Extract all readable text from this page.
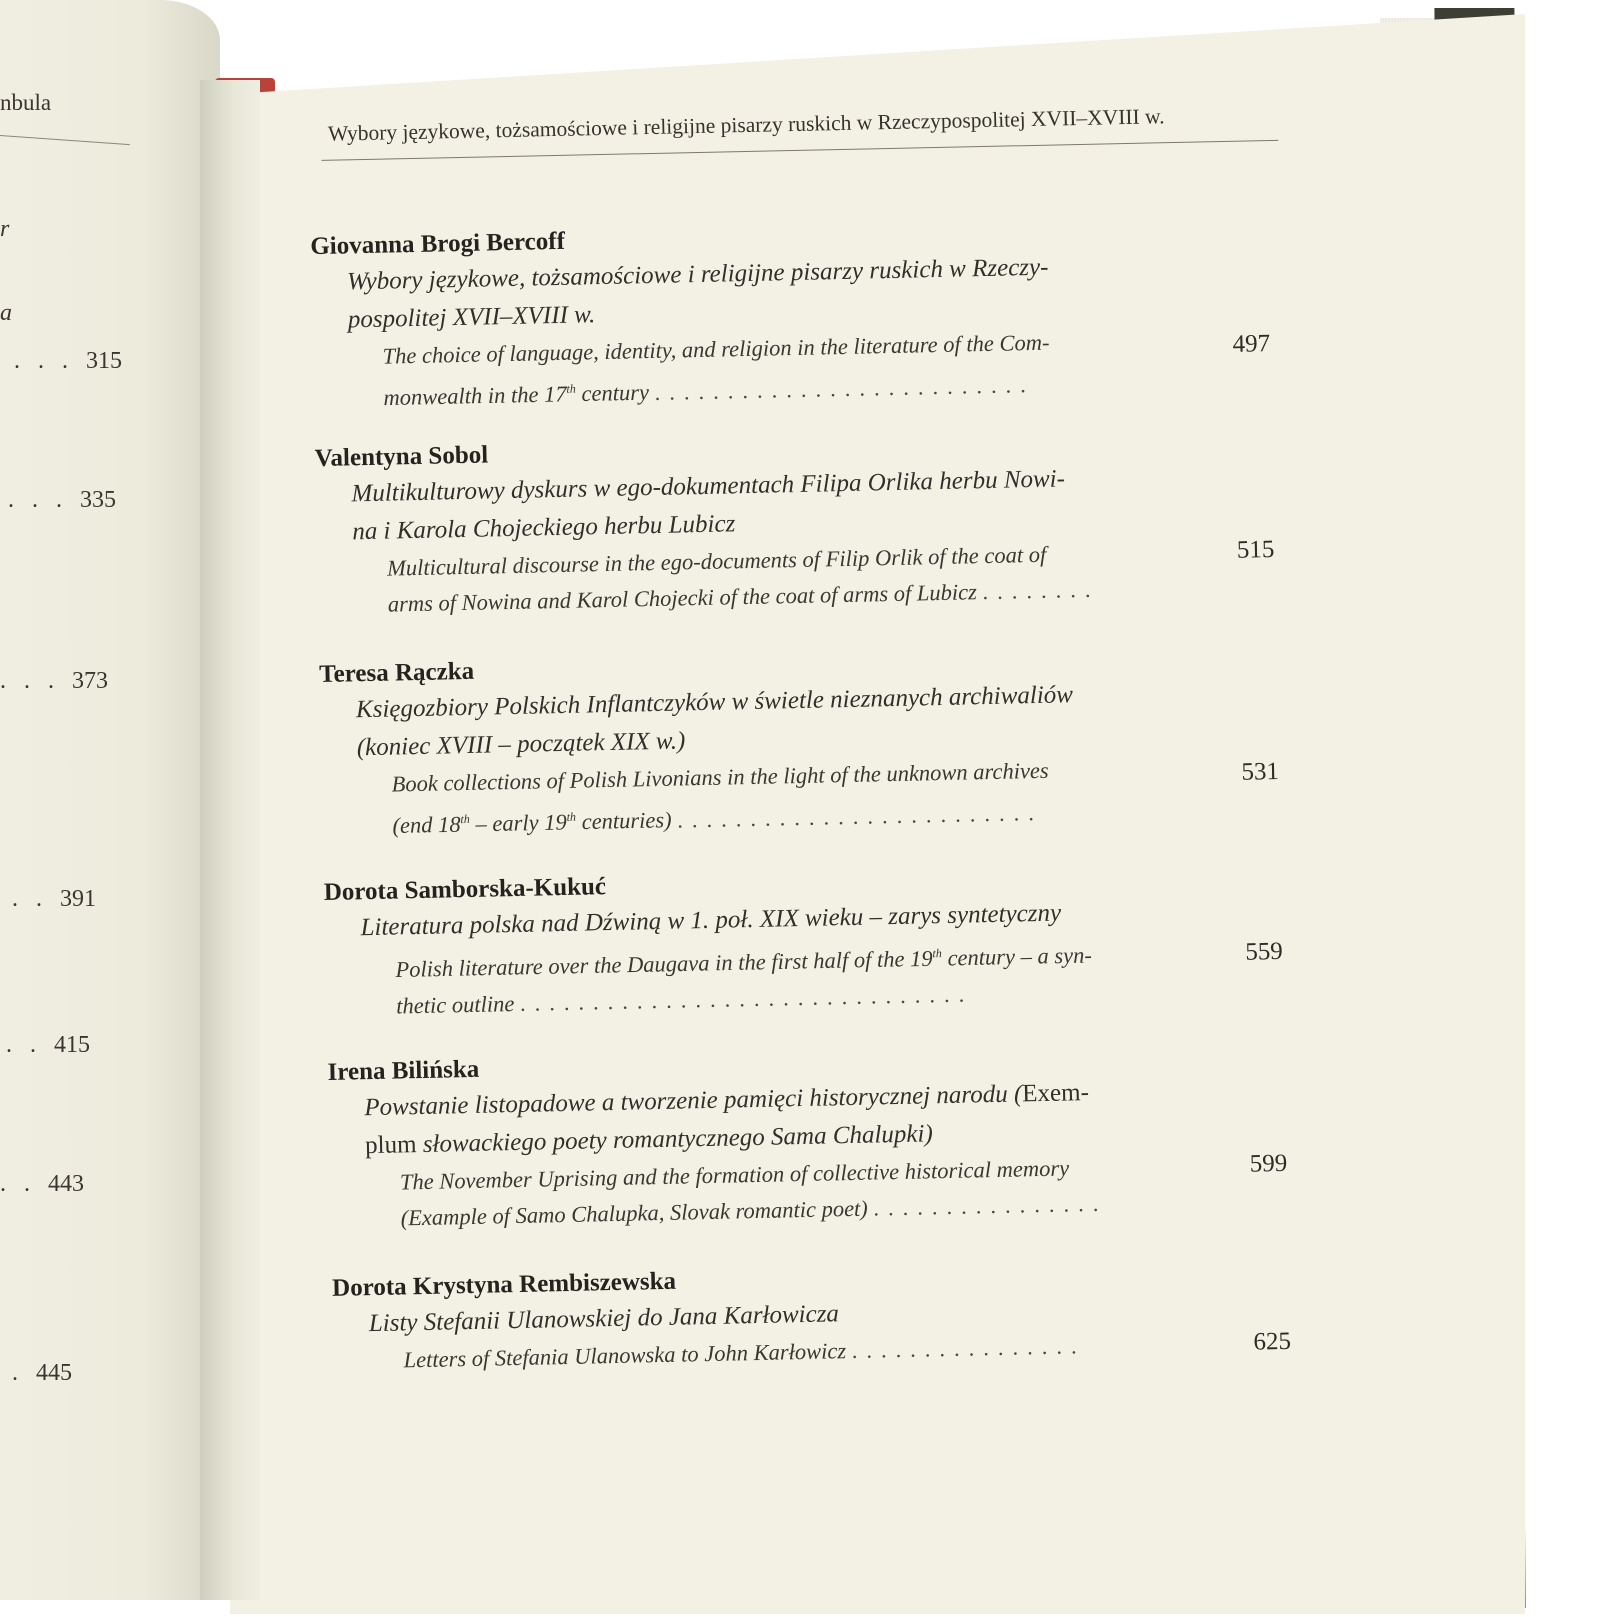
nbula
r
a
. . . 315
. . . 335
. . . 373
. . 391
. . 415
. . 443
. 445
Wybory językowe, tożsamościowe i religijne pisarzy ruskich w Rzeczypospolitej XVII–XVIII w.
Giovanna Brogi Bercoff
Wybory językowe, tożsamościowe i religijne pisarzy ruskich w Rzeczy-
pospolitej XVII–XVIII w.
The choice of language, identity, and religion in the literature of the Com-
monwealth in the 17th century ..........................
497
Valentyna Sobol
Multikulturowy dyskurs w ego-dokumentach Filipa Orlika herbu Nowi-
na i Karola Chojeckiego herbu Lubicz
Multicultural discourse in the ego-documents of Filip Orlik of the coat of
arms of Nowina and Karol Chojecki of the coat of arms of Lubicz ........
515
Teresa Rączka
Księgozbiory Polskich Inflantczyków w świetle nieznanych archiwaliów
(koniec XVIII – początek XIX w.)
Book collections of Polish Livonians in the light of the unknown archives
(end 18th – early 19th centuries) .........................
531
Dorota Samborska-Kukuć
Literatura polska nad Dźwiną w 1. poł. XIX wieku – zarys syntetyczny
Polish literature over the Daugava in the first half of the 19th century – a syn-
thetic outline ...............................
559
Irena Bilińska
Powstanie listopadowe a tworzenie pamięci historycznej narodu (Exem-
plum słowackiego poety romantycznego Sama Chalupki)
The November Uprising and the formation of collective historical memory
(Example of Samo Chalupka, Slovak romantic poet) ................
599
Dorota Krystyna Rembiszewska
Listy Stefanii Ulanowskiej do Jana Karłowicza
Letters of Stefania Ulanowska to John Karłowicz ................	625
